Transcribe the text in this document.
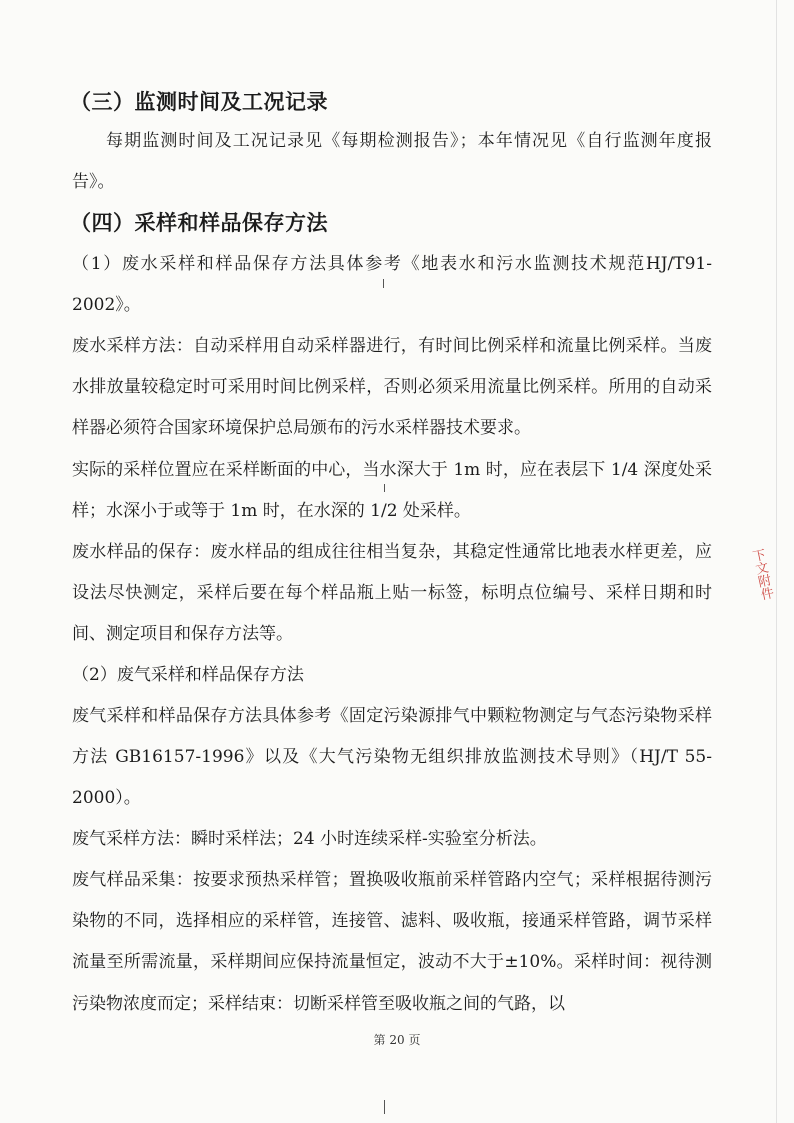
（三）监测时间及工况记录

每期监测时间及工况记录见《每期检测报告》；本年情况见《自行监测年度报告》。

（四）采样和样品保存方法

（1）废水采样和样品保存方法具体参考《地表水和污水监测技术规范HJ/T91-2002》。

废水采样方法：自动采样用自动采样器进行，有时间比例采样和流量比例采样。当废水排放量较稳定时可采用时间比例采样，否则必须采用流量比例采样。所用的自动采样器必须符合国家环境保护总局颁布的污水采样器技术要求。

实际的采样位置应在采样断面的中心，当水深大于 1m 时，应在表层下 1/4 深度处采样；水深小于或等于 1m 时，在水深的 1/2 处采样。

废水样品的保存：废水样品的组成往往相当复杂，其稳定性通常比地表水样更差，应设法尽快测定，采样后要在每个样品瓶上贴一标签，标明点位编号、采样日期和时间、测定项目和保存方法等。

（2）废气采样和样品保存方法

废气采样和样品保存方法具体参考《固定污染源排气中颗粒物测定与气态污染物采样方法 GB16157-1996》以及《大气污染物无组织排放监测技术导则》（HJ/T 55-2000）。

废气采样方法：瞬时采样法；24 小时连续采样-实验室分析法。

废气样品采集：按要求预热采样管；置换吸收瓶前采样管路内空气；采样根据待测污染物的不同，选择相应的采样管，连接管、滤料、吸收瓶，接通采样管路，调节采样流量至所需流量，采样期间应保持流量恒定，波动不大于±10%。采样时间：视待测污染物浓度而定；采样结束：切断采样管至吸收瓶之间的气路，以

第 20 页
下文附件
